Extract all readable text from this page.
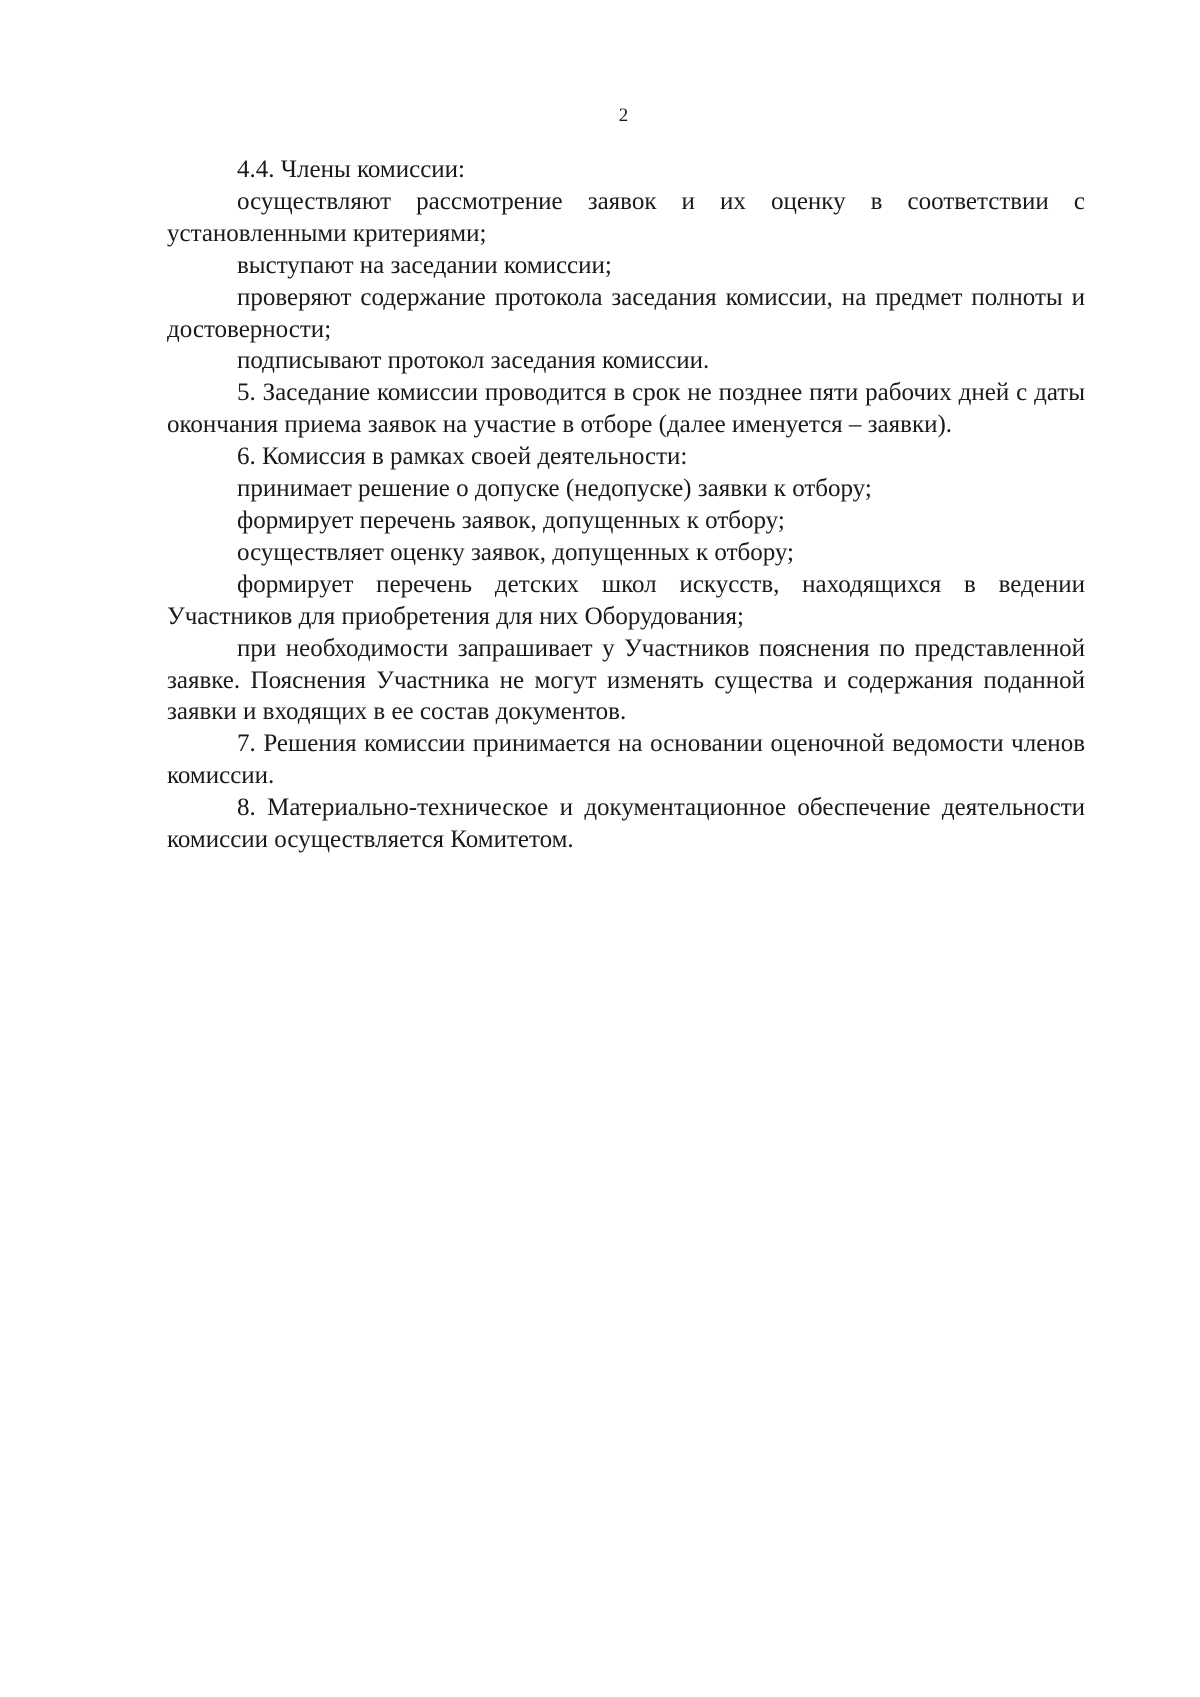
2

4.4. Члены комиссии:

осуществляют рассмотрение заявок и их оценку в соответствии с установленными критериями;

выступают на заседании комиссии;

проверяют содержание протокола заседания комиссии, на предмет полноты и достоверности;

подписывают протокол заседания комиссии.

5. Заседание комиссии проводится в срок не позднее пяти рабочих дней с даты окончания приема заявок на участие в отборе (далее именуется – заявки).

6. Комиссия в рамках своей деятельности:

принимает решение о допуске (недопуске) заявки к отбору;

формирует перечень заявок, допущенных к отбору;

осуществляет оценку заявок, допущенных к отбору;

формирует перечень детских школ искусств, находящихся в ведении Участников для приобретения для них Оборудования;

при необходимости запрашивает у Участников пояснения по представленной заявке. Пояснения Участника не могут изменять существа и содержания поданной заявки и входящих в ее состав документов.

7. Решения комиссии принимается на основании оценочной ведомости членов комиссии.

8. Материально-техническое и документационное обеспечение деятельности комиссии осуществляется Комитетом.
